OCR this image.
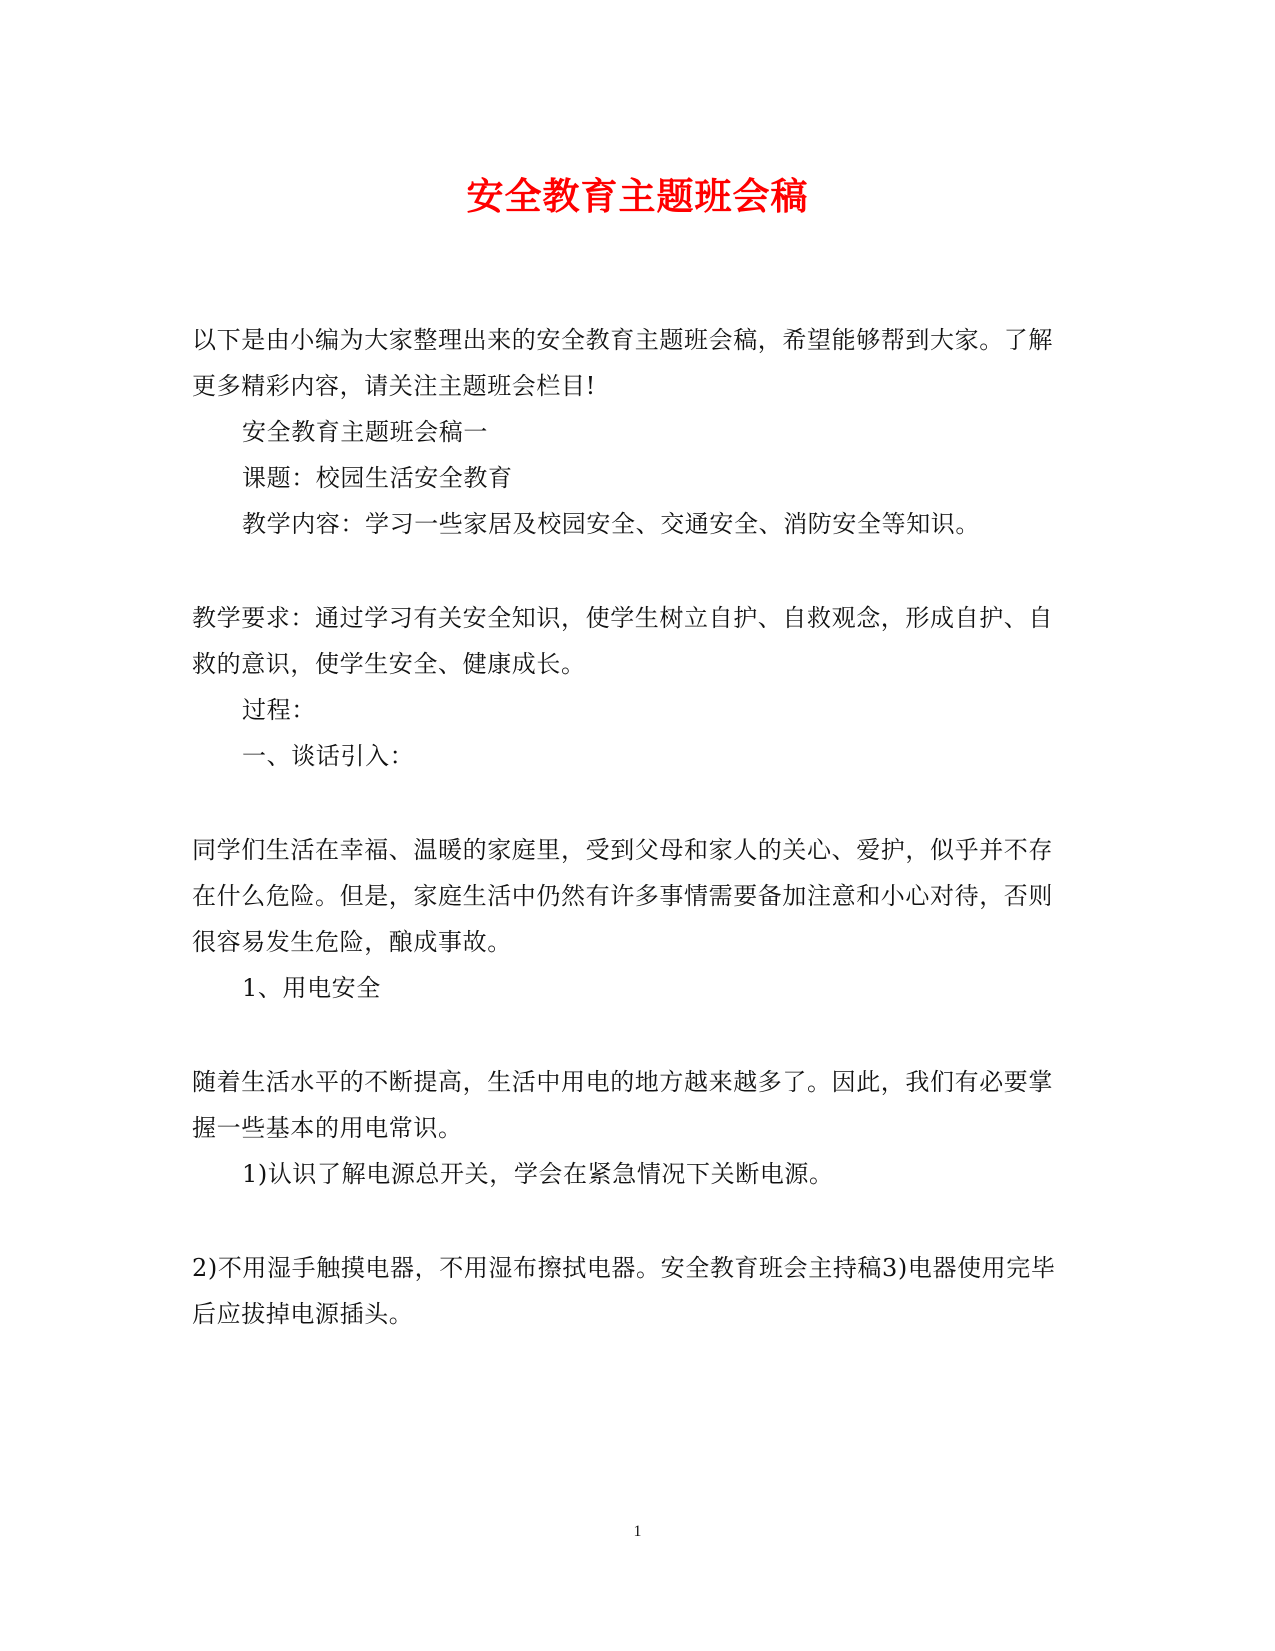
安全教育主题班会稿
以下是由小编为大家整理出来的安全教育主题班会稿，希望能够帮到大家。了解
更多精彩内容，请关注主题班会栏目!
安全教育主题班会稿一
课题：校园生活安全教育
教学内容：学习一些家居及校园安全、交通安全、消防安全等知识。
教学要求：通过学习有关安全知识，使学生树立自护、自救观念，形成自护、自
救的意识，使学生安全、健康成长。
过程：
一、谈话引入：
同学们生活在幸福、温暖的家庭里，受到父母和家人的关心、爱护，似乎并不存
在什么危险。但是，家庭生活中仍然有许多事情需要备加注意和小心对待，否则
很容易发生危险，酿成事故。
1、用电安全
随着生活水平的不断提高，生活中用电的地方越来越多了。因此，我们有必要掌
握一些基本的用电常识。
1)认识了解电源总开关，学会在紧急情况下关断电源。
2)不用湿手触摸电器，不用湿布擦拭电器。安全教育班会主持稿3)电器使用完毕
后应拔掉电源插头。
1
